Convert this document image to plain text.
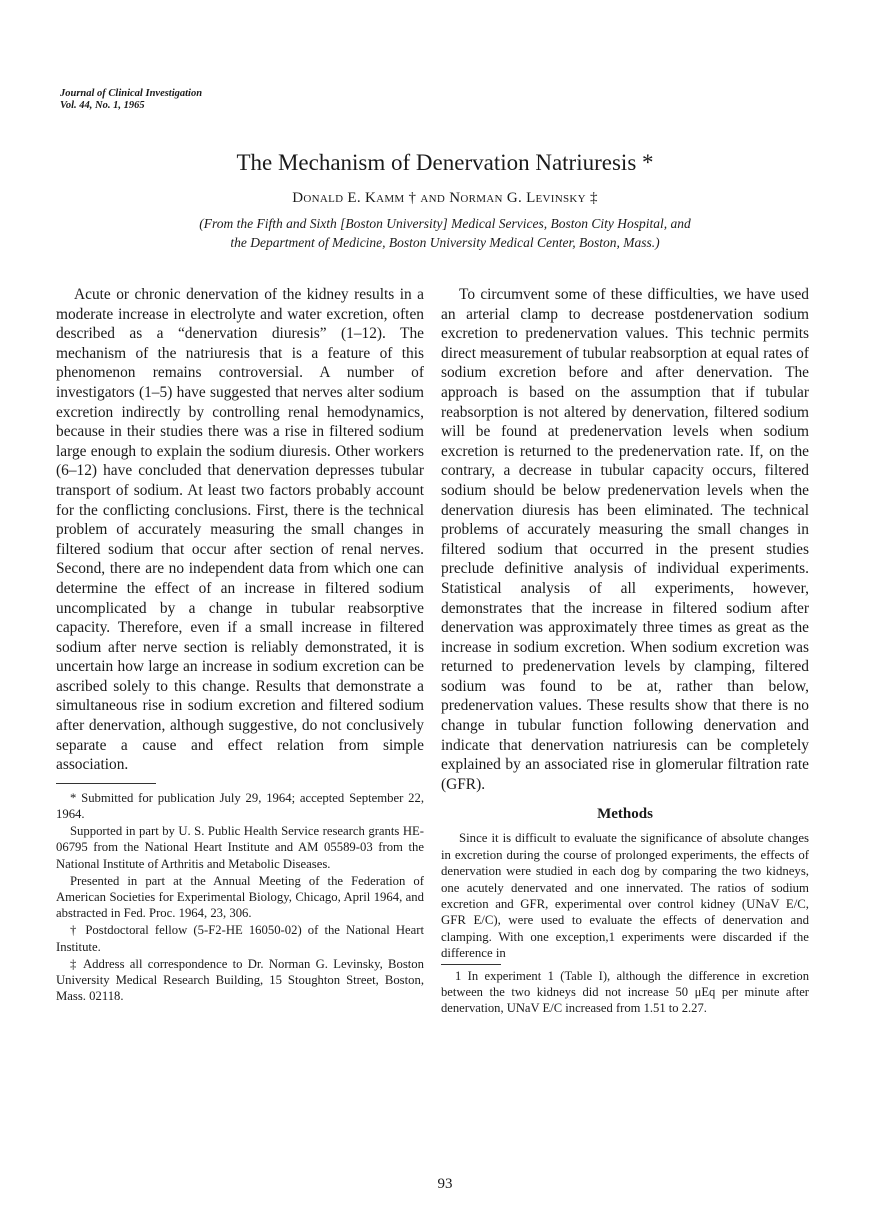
Journal of Clinical Investigation
Vol. 44, No. 1, 1965
The Mechanism of Denervation Natriuresis *
Donald E. Kamm † and Norman G. Levinsky ‡
(From the Fifth and Sixth [Boston University] Medical Services, Boston City Hospital, and
the Department of Medicine, Boston University Medical Center, Boston, Mass.)

Acute or chronic denervation of the kidney results in a moderate increase in electrolyte and water excretion, often described as a “denervation diuresis” (1–12). The mechanism of the natriuresis that is a feature of this phenomenon remains controversial. A number of investigators (1–5) have suggested that nerves alter sodium excretion indirectly by controlling renal hemodynamics, because in their studies there was a rise in filtered sodium large enough to explain the sodium diuresis. Other workers (6–12) have concluded that denervation depresses tubular transport of sodium. At least two factors probably account for the conflicting conclusions. First, there is the technical problem of accurately measuring the small changes in filtered sodium that occur after section of renal nerves. Second, there are no independent data from which one can determine the effect of an increase in filtered sodium uncomplicated by a change in tubular reabsorptive capacity. Therefore, even if a small increase in filtered sodium after nerve section is reliably demonstrated, it is uncertain how large an increase in sodium excretion can be ascribed solely to this change. Results that demonstrate a simultaneous rise in sodium excretion and filtered sodium after denervation, although suggestive, do not conclusively separate a cause and effect relation from simple association.

* Submitted for publication July 29, 1964; accepted September 22, 1964.

Supported in part by U. S. Public Health Service research grants HE-06795 from the National Heart Institute and AM 05589-03 from the National Institute of Arthritis and Metabolic Diseases.

Presented in part at the Annual Meeting of the Federation of American Societies for Experimental Biology, Chicago, April 1964, and abstracted in Fed. Proc. 1964, 23, 306.

† Postdoctoral fellow (5-F2-HE 16050-02) of the National Heart Institute.

‡ Address all correspondence to Dr. Norman G. Levinsky, Boston University Medical Research Building, 15 Stoughton Street, Boston, Mass. 02118.

To circumvent some of these difficulties, we have used an arterial clamp to decrease postdenervation sodium excretion to predenervation values. This technic permits direct measurement of tubular reabsorption at equal rates of sodium excretion before and after denervation. The approach is based on the assumption that if tubular reabsorption is not altered by denervation, filtered sodium will be found at predenervation levels when sodium excretion is returned to the predenervation rate. If, on the contrary, a decrease in tubular capacity occurs, filtered sodium should be below predenervation levels when the denervation diuresis has been eliminated. The technical problems of accurately measuring the small changes in filtered sodium that occurred in the present studies preclude definitive analysis of individual experiments. Statistical analysis of all experiments, however, demonstrates that the increase in filtered sodium after denervation was approximately three times as great as the increase in sodium excretion. When sodium excretion was returned to predenervation levels by clamping, filtered sodium was found to be at, rather than below, predenervation values. These results show that there is no change in tubular function following denervation and indicate that denervation natriuresis can be completely explained by an associated rise in glomerular filtration rate (GFR).

Methods

Since it is difficult to evaluate the significance of absolute changes in excretion during the course of prolonged experiments, the effects of denervation were studied in each dog by comparing the two kidneys, one acutely denervated and one innervated. The ratios of sodium excretion and GFR, experimental over control kidney (UNaV E/C, GFR E/C), were used to evaluate the effects of denervation and clamping. With one exception,1 experiments were discarded if the difference in

1 In experiment 1 (Table I), although the difference in excretion between the two kidneys did not increase 50 μEq per minute after denervation, UNaV E/C increased from 1.51 to 2.27.

93
